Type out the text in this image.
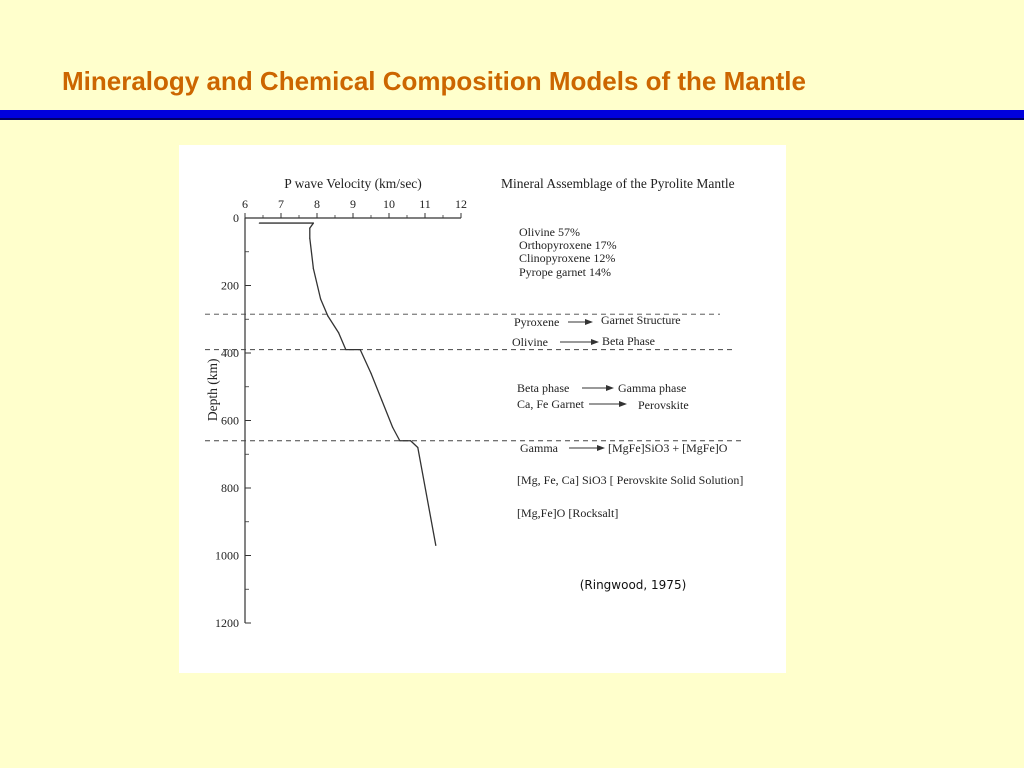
Mineralogy and Chemical Composition Models of the Mantle
6	7	8	9 10 11 12
0
200
400
600
800
1000
1200
P wave Velocity (km/sec)
Depth (km)
Mineral Assemblage of the Pyrolite Mantle
Olivine 57%
Orthopyroxene 17%
Clinopyroxene 12%
Pyrope garnet 14%
Pyroxene	Garnet Structure
Olivine	Beta Phase
Beta phase	Gamma phase
Ca, Fe Garnet	Perovskite
Gamma	[MgFe]SiO3 + [MgFe]O
[Mg, Fe, Ca] SiO3 [ Perovskite Solid Solution]
[Mg,Fe]O [Rocksalt]
(Ringwood, 1975)
